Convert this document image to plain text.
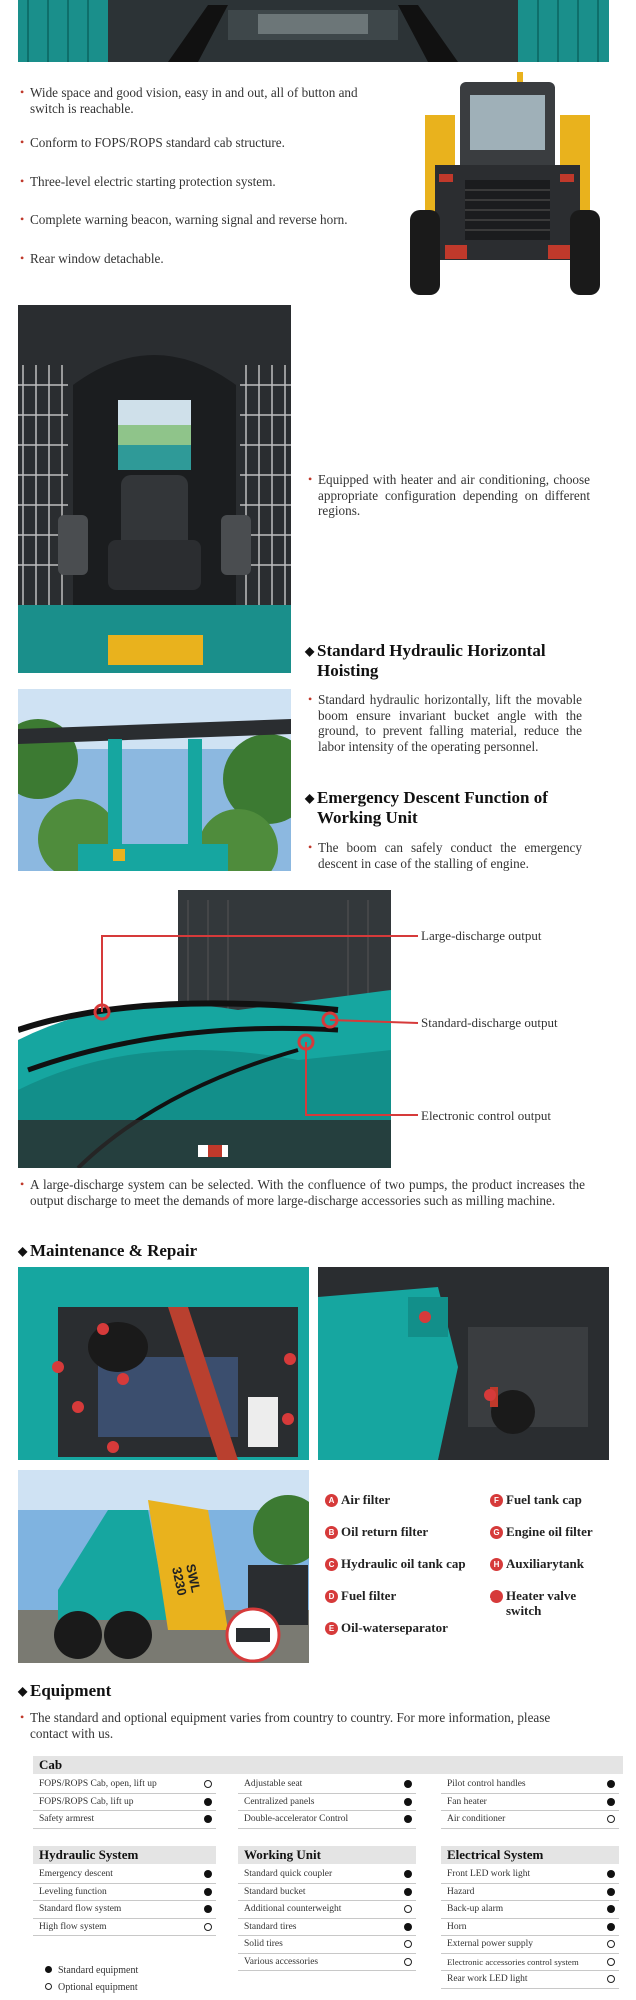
• Wide space and good vision, easy in and out, all of button and switch is reachable.
• Conform to FOPS/ROPS standard cab structure.
• Three-level electric starting protection system.
• Complete warning beacon, warning signal and reverse horn.
• Rear window detachable.
• Equipped with heater and air conditioning, choose appropriate configuration depending on different regions.
◆ Standard Hydraulic Horizontal Hoisting
• Standard hydraulic horizontally, lift the movable boom ensure invariant bucket angle with the ground, to prevent falling material, reduce the labor intensity of the operating personnel.
◆ Emergency Descent Function of Working Unit
• The boom can safely conduct the emergency descent in case of the stalling of engine.
Large-discharge output
Standard-discharge output
Electronic control output
• A large-discharge system can be selected. With the confluence of two pumps, the product increases the output discharge to meet the demands of more large-discharge accessories such as milling machine.
◆ Maintenance & Repair
SWL
3230
A Air filter
B Oil return filter
C Hydraulic oil tank cap
D Fuel filter
E Oil-waterseparator
F Fuel tank cap
G Engine oil filter
H Auxiliarytank
L Heater valve switch
◆ Equipment
• The standard and optional equipment varies from country to country. For more information, please contact with us.
Cab
FOPS/ROPS Cab, open, lift up
FOPS/ROPS Cab, lift up
Safety armrest
Adjustable seat
Centralized panels
Double-accelerator Control
Pilot control handles
Fan heater
Air conditioner
Hydraulic System	Working Unit	Electrical System
Emergency descent
Leveling function
Standard flow system
High flow system
Standard quick coupler
Standard bucket
Additional counterweight
Standard tires
Solid tires
Various accessories
Front LED work light
Hazard
Back-up alarm
Horn
External power supply
Electronic accessories control system
Rear work LED light
Standard equipment
Optional equipment
